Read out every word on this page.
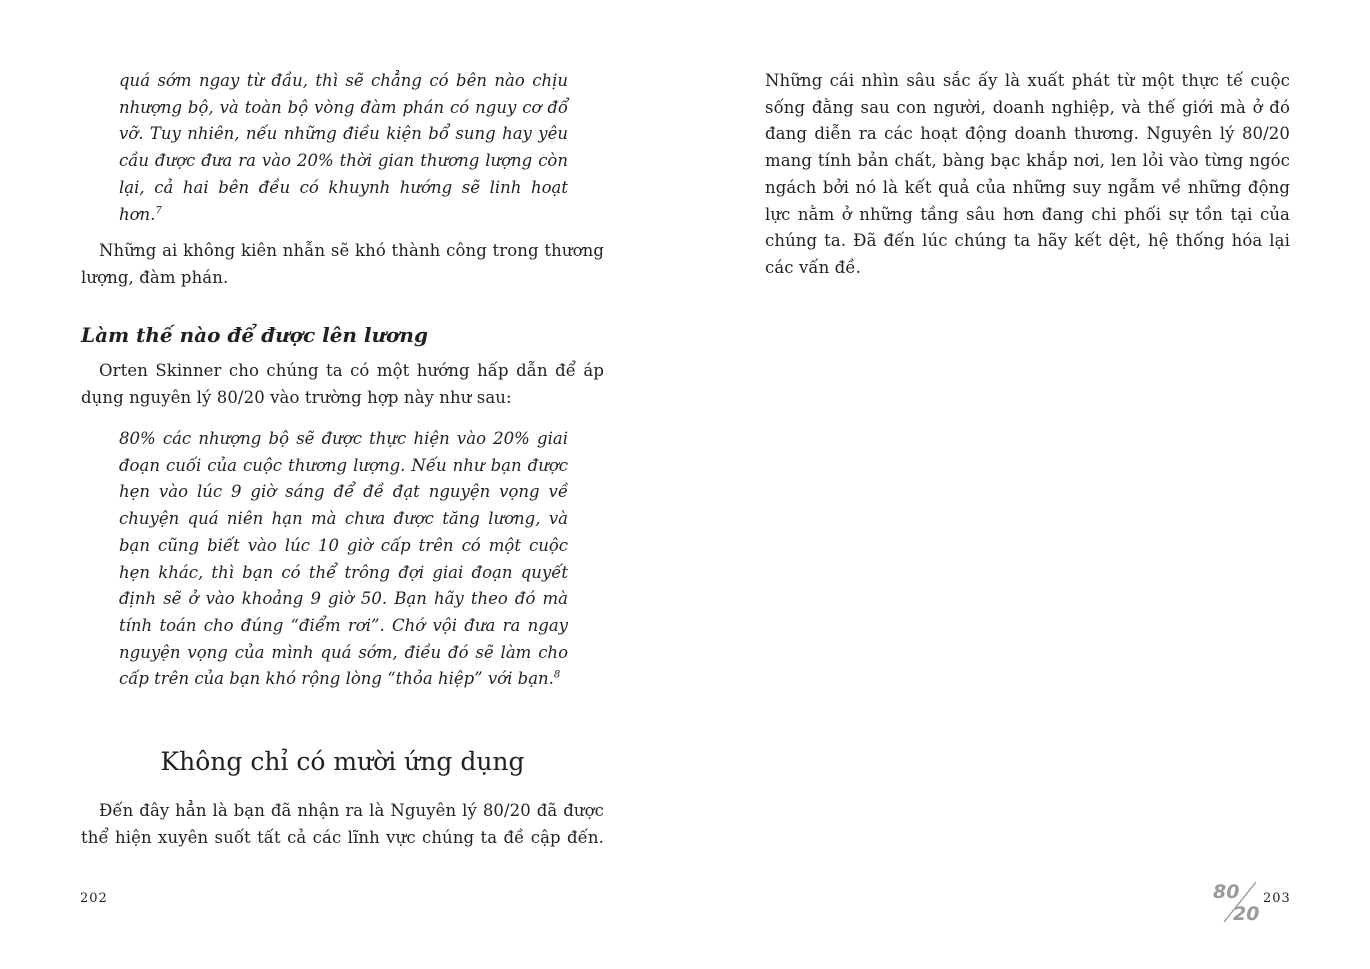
quá sớm ngay từ đầu, thì sẽ chẳng có bên nào chịu nhượng bộ, và toàn bộ vòng đàm phán có nguy cơ đổ vỡ. Tuy nhiên, nếu những điều kiện bổ sung hay yêu cầu được đưa ra vào 20% thời gian thương lượng còn lại, cả hai bên đều có khuynh hướng sẽ linh hoạt hơn.$^7$

Những ai không kiên nhẫn sẽ khó thành công trong thương lượng, đàm phán.

Làm thế nào để được lên lương

Orten Skinner cho chúng ta có một hướng hấp dẫn để áp dụng nguyên lý 80/20 vào trường hợp này như sau:

80% các nhượng bộ sẽ được thực hiện vào 20% giai đoạn cuối của cuộc thương lượng. Nếu như bạn được hẹn vào lúc 9 giờ sáng để đề đạt nguyện vọng về chuyện quá niên hạn mà chưa được tăng lương, và bạn cũng biết vào lúc 10 giờ cấp trên có một cuộc hẹn khác, thì bạn có thể trông đợi giai đoạn quyết định sẽ ở vào khoảng 9 giờ 50. Bạn hãy theo đó mà tính toán cho đúng “điểm rơi”. Chớ vội đưa ra ngay nguyện vọng của mình quá sớm, điều đó sẽ làm cho cấp trên của bạn khó rộng lòng “thỏa hiệp” với bạn.$^8$

Không chỉ có mười ứng dụng

Đến đây hẳn là bạn đã nhận ra là Nguyên lý 80/20 đã được thể hiện xuyên suốt tất cả các lĩnh vực chúng ta đề cập đến.

202

Những cái nhìn sâu sắc ấy là xuất phát từ một thực tế cuộc sống đằng sau con người, doanh nghiệp, và thế giới mà ở đó đang diễn ra các hoạt động doanh thương. Nguyên lý 80/20 mang tính bản chất, bàng bạc khắp nơi, len lỏi vào từng ngóc ngách bởi nó là kết quả của những suy ngẫm về những động lực nằm ở những tầng sâu hơn đang chi phối sự tồn tại của chúng ta. Đã đến lúc chúng ta hãy kết dệt, hệ thống hóa lại các vấn đề.

80
20
203
